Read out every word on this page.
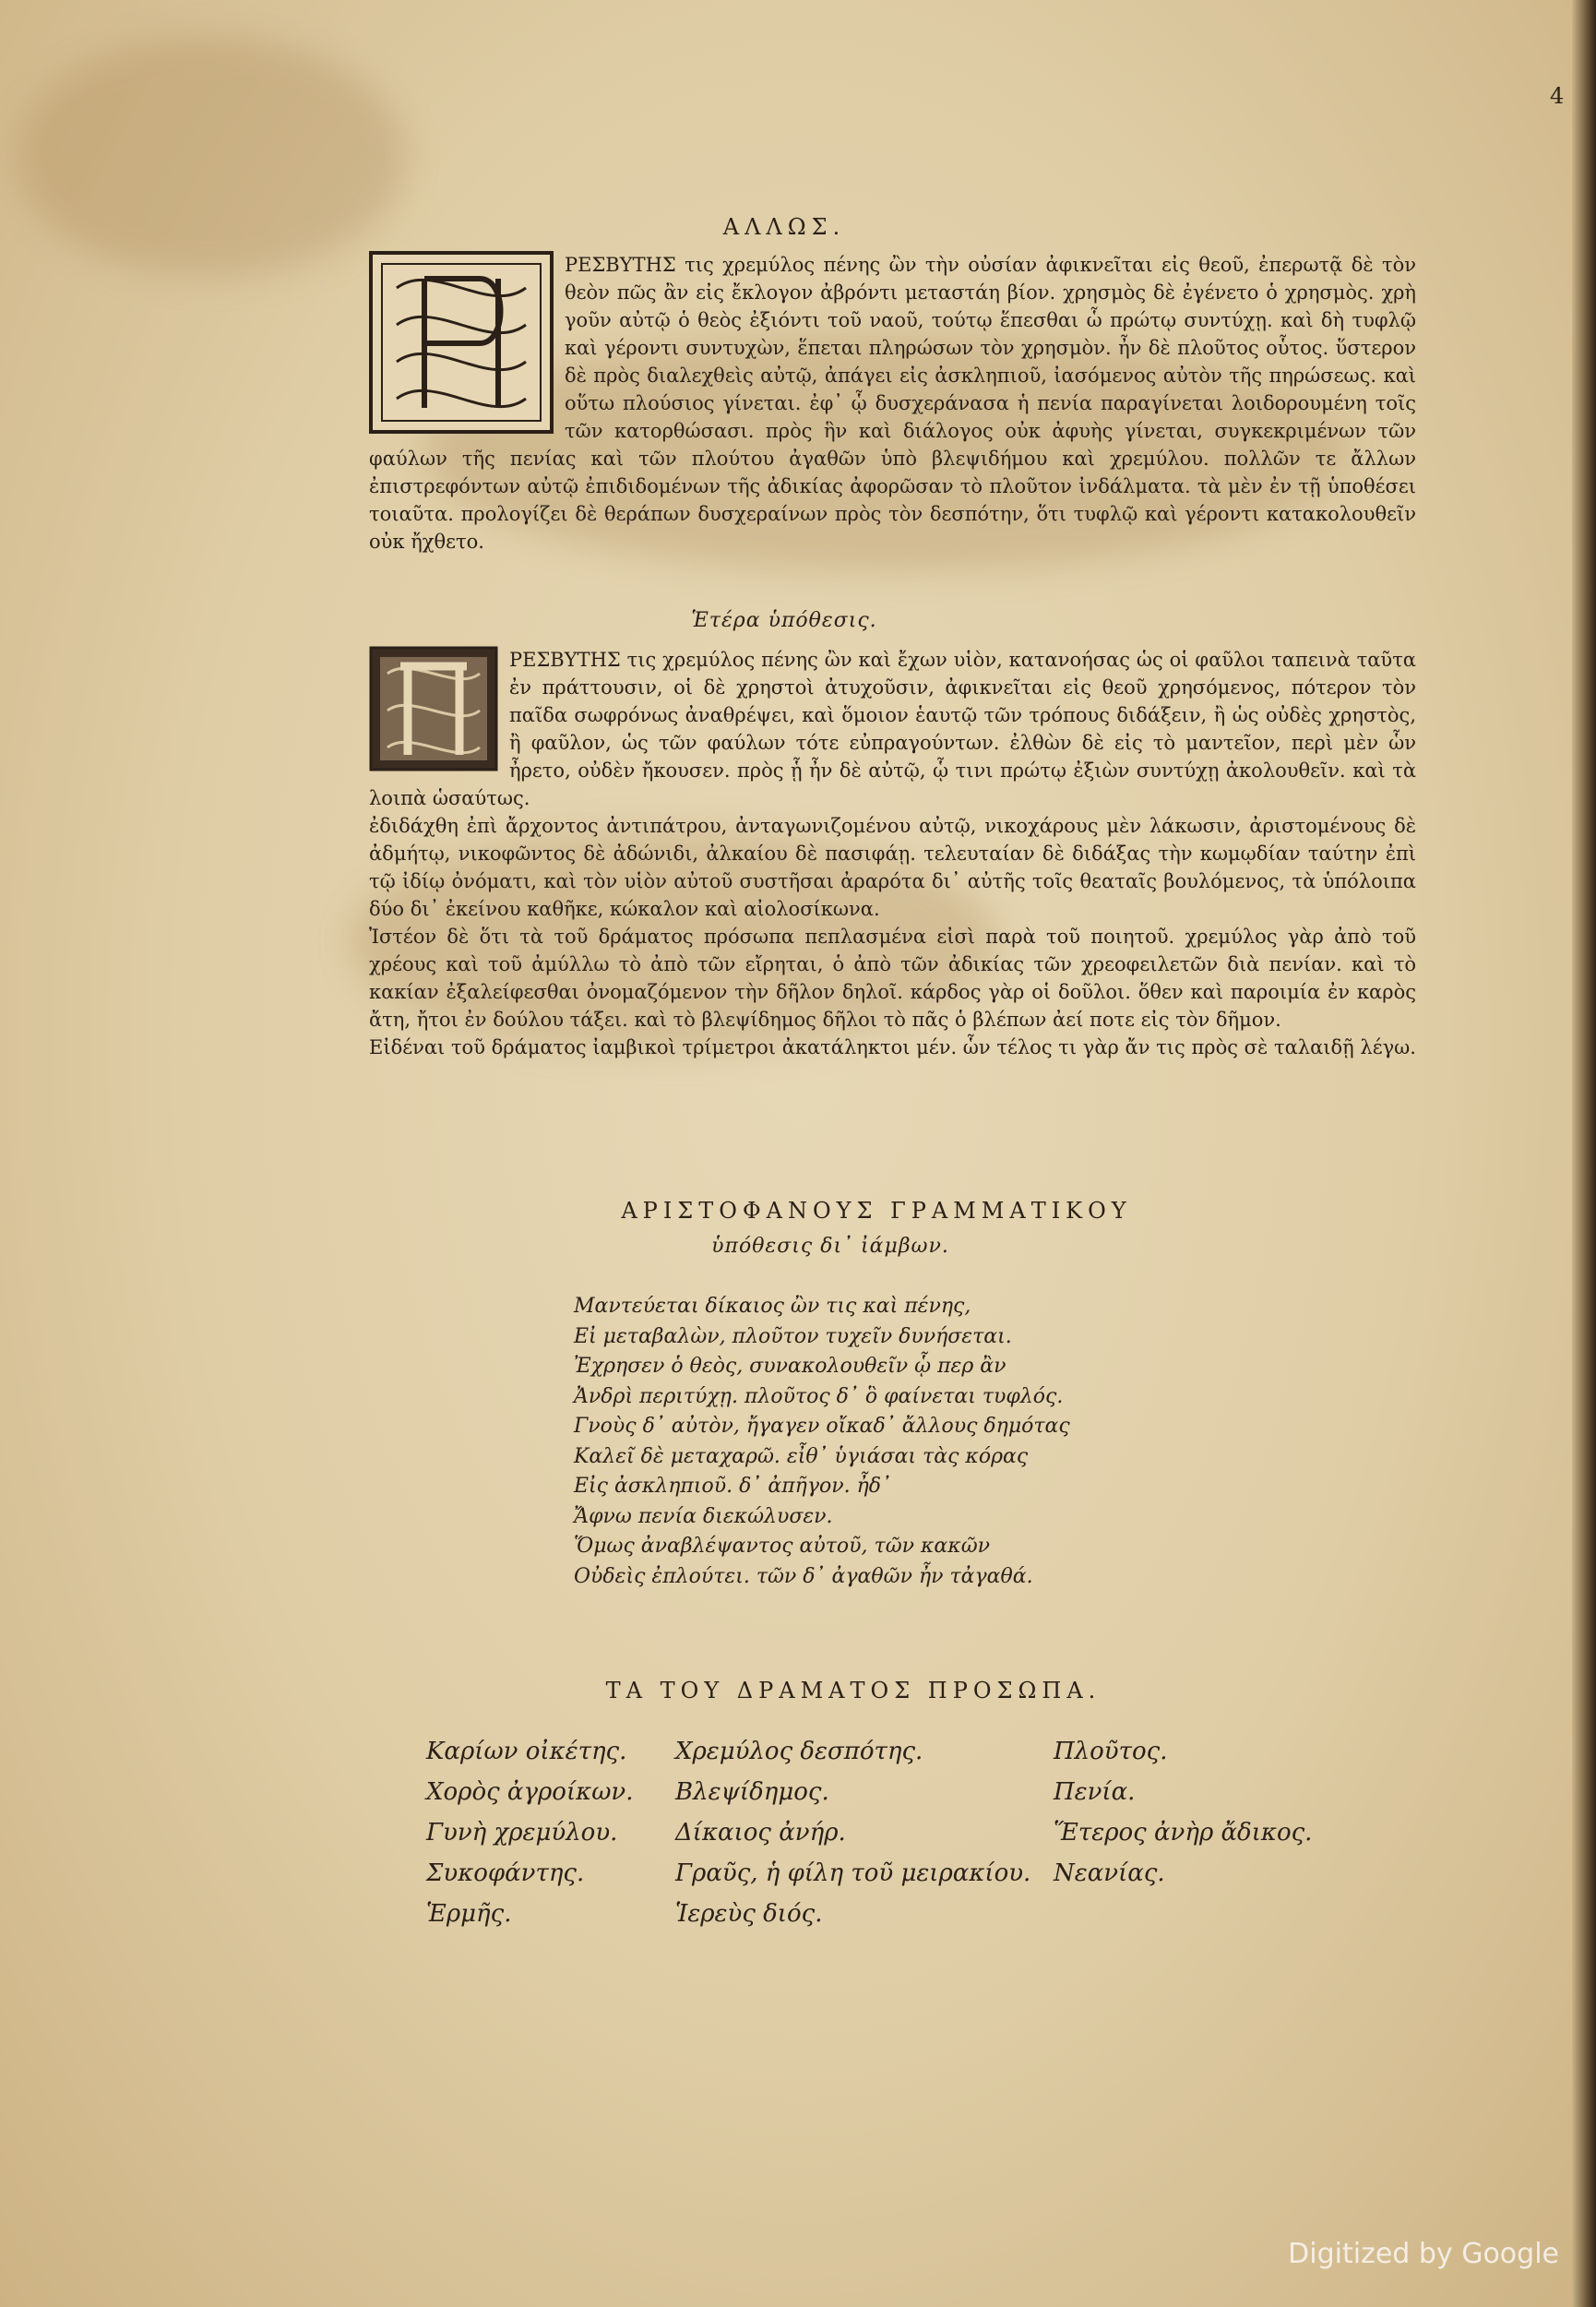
4
ΑΛΛΩΣ.
ΡΕΣΒΥΤΗΣ τις χρεμύλος πένης ὢν τὴν οὐσίαν ἀφικνεῖται εἰς θεοῦ, ἐπερωτᾷ δὲ τὸν θεὸν πῶς ἂν εἰς ἔκλογον ἀβρόντι μεταστάη βίον. χρησμὸς δὲ ἐγένετο ὁ χρησμὸς. χρὴ γοῦν αὐτῷ ὁ θεὸς ἐξιόντι τοῦ ναοῦ, τούτῳ ἕπεσθαι ὧ πρώτῳ συντύχῃ. καὶ δὴ τυφλῷ καὶ γέροντι συντυχὼν, ἕπεται πληρώσων τὸν χρησμὸν. ἦν δὲ πλοῦτος οὗτος. ὕστερον δὲ πρὸς διαλεχθεὶς αὐτῷ, ἀπάγει εἰς ἀσκληπιοῦ, ἰασόμενος αὐτὸν τῆς πηρώσεως. καὶ οὕτω πλούσιος γίνεται. ἐφ᾽ ᾧ δυσχεράνασα ἡ πενία παραγίνεται λοιδορουμένη τοῖς τῶν κατορθώσασι. πρὸς ἣν καὶ διάλογος οὐκ ἀφυὴς γίνεται, συγκεκριμένων τῶν φαύλων τῆς πενίας καὶ τῶν πλούτου ἀγαθῶν ὑπὸ βλεψιδήμου καὶ χρεμύλου. πολλῶν τε ἄλλων ἐπιστρεφόντων αὐτῷ ἐπιδιδομένων τῆς ἀδικίας ἀφορῶσαν τὸ πλοῦτον ἰνδάλματα. τὰ μὲν ἐν τῇ ὑποθέσει τοιαῦτα. προλογίζει δὲ θεράπων δυσχεραίνων πρὸς τὸν δεσπότην, ὅτι τυφλῷ καὶ γέροντι κατακολουθεῖν οὐκ ἤχθετο.
Ἑτέρα ὑπόθεσις.
ΡΕΣΒΥΤΗΣ τις χρεμύλος πένης ὢν καὶ ἔχων υἱὸν, κατανοήσας ὡς οἱ φαῦλοι ταπεινὰ ταῦτα ἐν πράττουσιν, οἱ δὲ χρηστοὶ ἀτυχοῦσιν, ἀφικνεῖται εἰς θεοῦ χρησόμενος, πότερον τὸν παῖδα σωφρόνως ἀναθρέψει, καὶ ὅμοιον ἑαυτῷ τῶν τρόπους διδάξειν, ἢ ὡς οὐδὲς χρηστὸς, ἢ φαῦλον, ὡς τῶν φαύλων τότε εὐπραγούντων. ἐλθὼν δὲ εἰς τὸ μαντεῖον, περὶ μὲν ὧν ἦρετο, οὐδὲν ἤκουσεν. πρὸς ᾗ ἦν δὲ αὐτῷ, ᾧ τινι πρώτῳ ἐξιὼν συντύχῃ ἀκολουθεῖν. καὶ τὰ λοιπὰ ὡσαύτως.
ἐδιδάχθη ἐπὶ ἄρχοντος ἀντιπάτρου, ἀνταγωνιζομένου αὐτῷ, νικοχάρους μὲν λάκωσιν, ἀριστομένους δὲ ἀδμήτῳ, νικοφῶντος δὲ ἀδώνιδι, ἀλκαίου δὲ πασιφάῃ. τελευταίαν δὲ διδάξας τὴν κωμῳδίαν ταύτην ἐπὶ τῷ ἰδίῳ ὀνόματι, καὶ τὸν υἱὸν αὐτοῦ συστῆσαι ἀραρότα δι᾽ αὐτῆς τοῖς θεαταῖς βουλόμενος, τὰ ὑπόλοιπα δύο δι᾽ ἐκείνου καθῆκε, κώκαλον καὶ αἰολοσίκωνα.
Ἰστέον δὲ ὅτι τὰ τοῦ δράματος πρόσωπα πεπλασμένα εἰσὶ παρὰ τοῦ ποιητοῦ. χρεμύλος γὰρ ἀπὸ τοῦ χρέους καὶ τοῦ ἀμύλλω τὸ ἀπὸ τῶν εἴρηται, ὁ ἀπὸ τῶν ἀδικίας τῶν χρεοφειλετῶν διὰ πενίαν. καὶ τὸ κακίαν ἐξαλείφεσθαι ὀνομαζόμενον τὴν δῆλον δηλοῖ. κάρδος γὰρ οἱ δοῦλοι. ὅθεν καὶ παροιμία ἐν καρὸς ἄτη, ἤτοι ἐν δούλου τάξει. καὶ τὸ βλεψίδημος δῆλοι τὸ πᾶς ὁ βλέπων ἀεί ποτε εἰς τὸν δῆμον.
Εἰδέναι τοῦ δράματος ἰαμβικοὶ τρίμετροι ἀκατάληκτοι μέν. ὧν τέλος τι γὰρ ἄν τις πρὸς σὲ ταλαιδῇ λέγω.
ΑΡΙΣΤΟΦΑΝΟΥΣ ΓΡΑΜΜΑΤΙΚΟΥ
ὑπόθεσις δι᾽ ἰάμβων.
Μαντεύεται δίκαιος ὢν τις καὶ πένης,
Εἰ μεταβαλὼν, πλοῦτον τυχεῖν δυνήσεται.
Ἐχρησεν ὁ θεὸς, συνακολουθεῖν ᾧ περ ἂν
Ἀνδρὶ περιτύχῃ. πλοῦτος δ᾽ ὃ φαίνεται τυφλός.
Γνοὺς δ᾽ αὐτὸν, ἤγαγεν οἴκαδ᾽ ἄλλους δημότας
Καλεῖ δὲ μεταχαρῶ. εἶθ᾽ ὑγιάσαι τὰς κόρας
Εἰς ἀσκληπιοῦ. δ᾽ ἀπῆγον. ἦδ᾽
Ἄφνω πενία διεκώλυσεν.
Ὅμως ἀναβλέψαντος αὐτοῦ, τῶν κακῶν
Οὐδεὶς ἐπλούτει. τῶν δ᾽ ἀγαθῶν ἦν τἀγαθά.
ΤΑ ΤΟΥ ΔΡΑΜΑΤΟΣ ΠΡΟΣΩΠΑ.
Καρίων οἰκέτης.
Χορὸς ἀγροίκων.
Γυνὴ χρεμύλου.
Συκοφάντης.
Ἑρμῆς.
Χρεμύλος δεσπότης.
Βλεψίδημος.
Δίκαιος ἀνήρ.
Γραῦς, ἡ φίλη τοῦ μειρακίου.
Ἱερεὺς διός.
Πλοῦτος.
Πενία.
Ἕτερος ἀνὴρ ἄδικος.
Νεανίας.
Digitized by Google
